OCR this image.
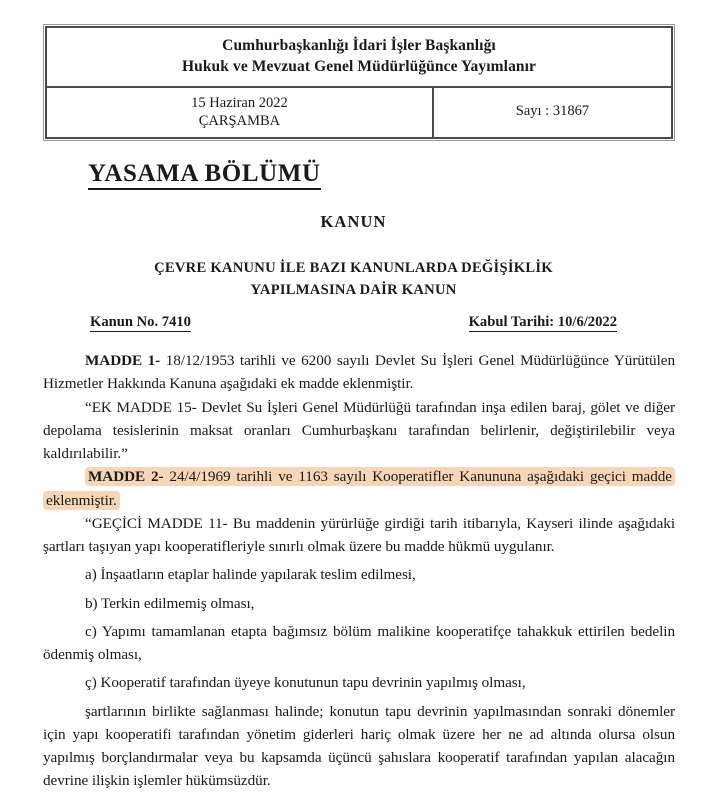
Cumhurbaşkanlığı İdari İşler Başkanlığı
Hukuk ve Mevzuat Genel Müdürlüğünce Yayımlanır
15 Haziran 2022
ÇARŞAMBA
Sayı : 31867
YASAMA BÖLÜMÜ
KANUN
ÇEVRE KANUNU İLE BAZI KANUNLARDA DEĞİŞİKLİK
YAPILMASINA DAİR KANUN
Kanun No. 7410	Kabul Tarihi: 10/6/2022

MADDE 1- 18/12/1953 tarihli ve 6200 sayılı Devlet Su İşleri Genel Müdürlüğünce Yürütülen Hizmetler Hakkında Kanuna aşağıdaki ek madde eklenmiştir.

“EK MADDE 15- Devlet Su İşleri Genel Müdürlüğü tarafından inşa edilen baraj, gölet ve diğer depolama tesislerinin maksat oranları Cumhurbaşkanı tarafından belirlenir, değiştirilebilir veya kaldırılabilir.”

MADDE 2- 24/4/1969 tarihli ve 1163 sayılı Kooperatifler Kanununa aşağıdaki geçici madde eklenmiştir.

“GEÇİCİ MADDE 11- Bu maddenin yürürlüğe girdiği tarih itibarıyla, Kayseri ilinde aşağıdaki şartları taşıyan yapı kooperatifleriyle sınırlı olmak üzere bu madde hükmü uygulanır.

a) İnşaatların etaplar halinde yapılarak teslim edilmesi,

b) Terkin edilmemiş olması,

c) Yapımı tamamlanan etapta bağımsız bölüm malikine kooperatifçe tahakkuk ettirilen bedelin ödenmiş olması,

ç) Kooperatif tarafından üyeye konutunun tapu devrinin yapılmış olması,

şartlarının birlikte sağlanması halinde; konutun tapu devrinin yapılmasından sonraki dönemler için yapı kooperatifi tarafından yönetim giderleri hariç olmak üzere her ne ad altında olursa olsun yapılmış borçlandırmalar veya bu kapsamda üçüncü şahıslara kooperatif tarafından yapılan alacağın devrine ilişkin işlemler hükümsüzdür.
